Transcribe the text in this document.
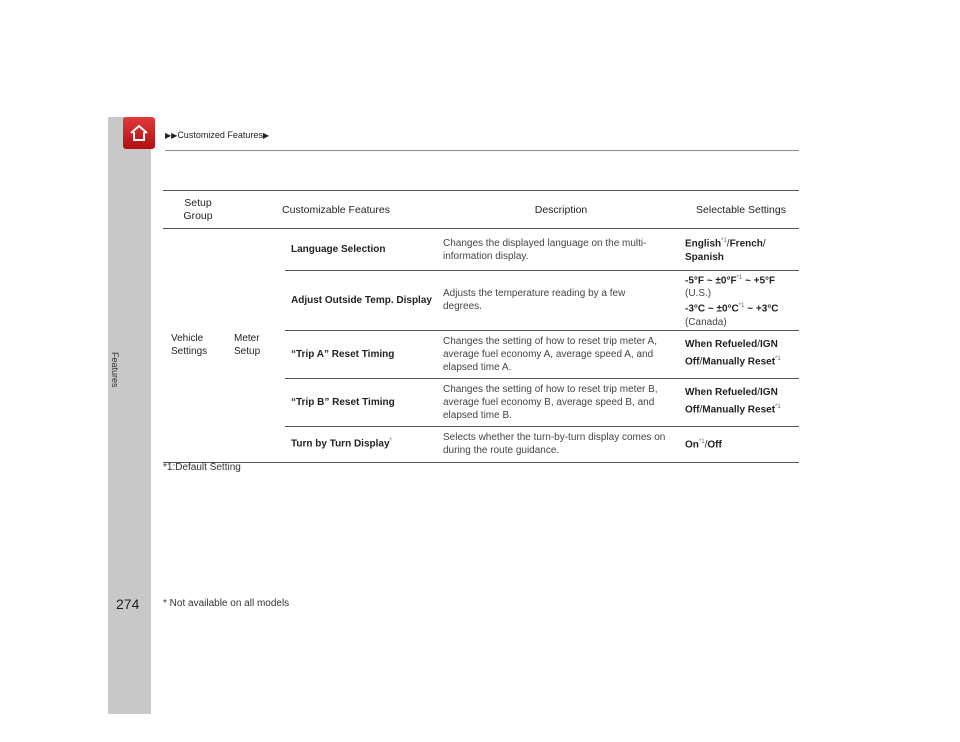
Features
▶▶Customized Features▶
Setup Group	Customizable Features		Description	Selectable Settings
Vehicle Settings	Meter Setup	Language Selection	Changes the displayed language on the multi-information display.	English$^{*1}$/French/
Spanish
		Adjust Outside Temp. Display	Adjusts the temperature reading by a few degrees.	-5°F ~ $\pm 0^\circ F^{*1}$ ~ +5°F
(U.S.)
-3°C ~ $\pm 0^\circ C^{*1}$ ~ +3°C
(Canada)
		“Trip A” Reset Timing	Changes the setting of how to reset trip meter A, average fuel economy A, average speed A, and elapsed time A.	When Refueled/IGN Off/Manually Reset$^{*1}$
		“Trip B” Reset Timing	Changes the setting of how to reset trip meter B, average fuel economy B, average speed B, and elapsed time B.	When Refueled/IGN Off/Manually Reset$^{*1}$
		Turn by Turn Display*	Selects whether the turn-by-turn display comes on during the route guidance.	On$^{*1}$/Off
*1:Default Setting
274 * Not available on all models
